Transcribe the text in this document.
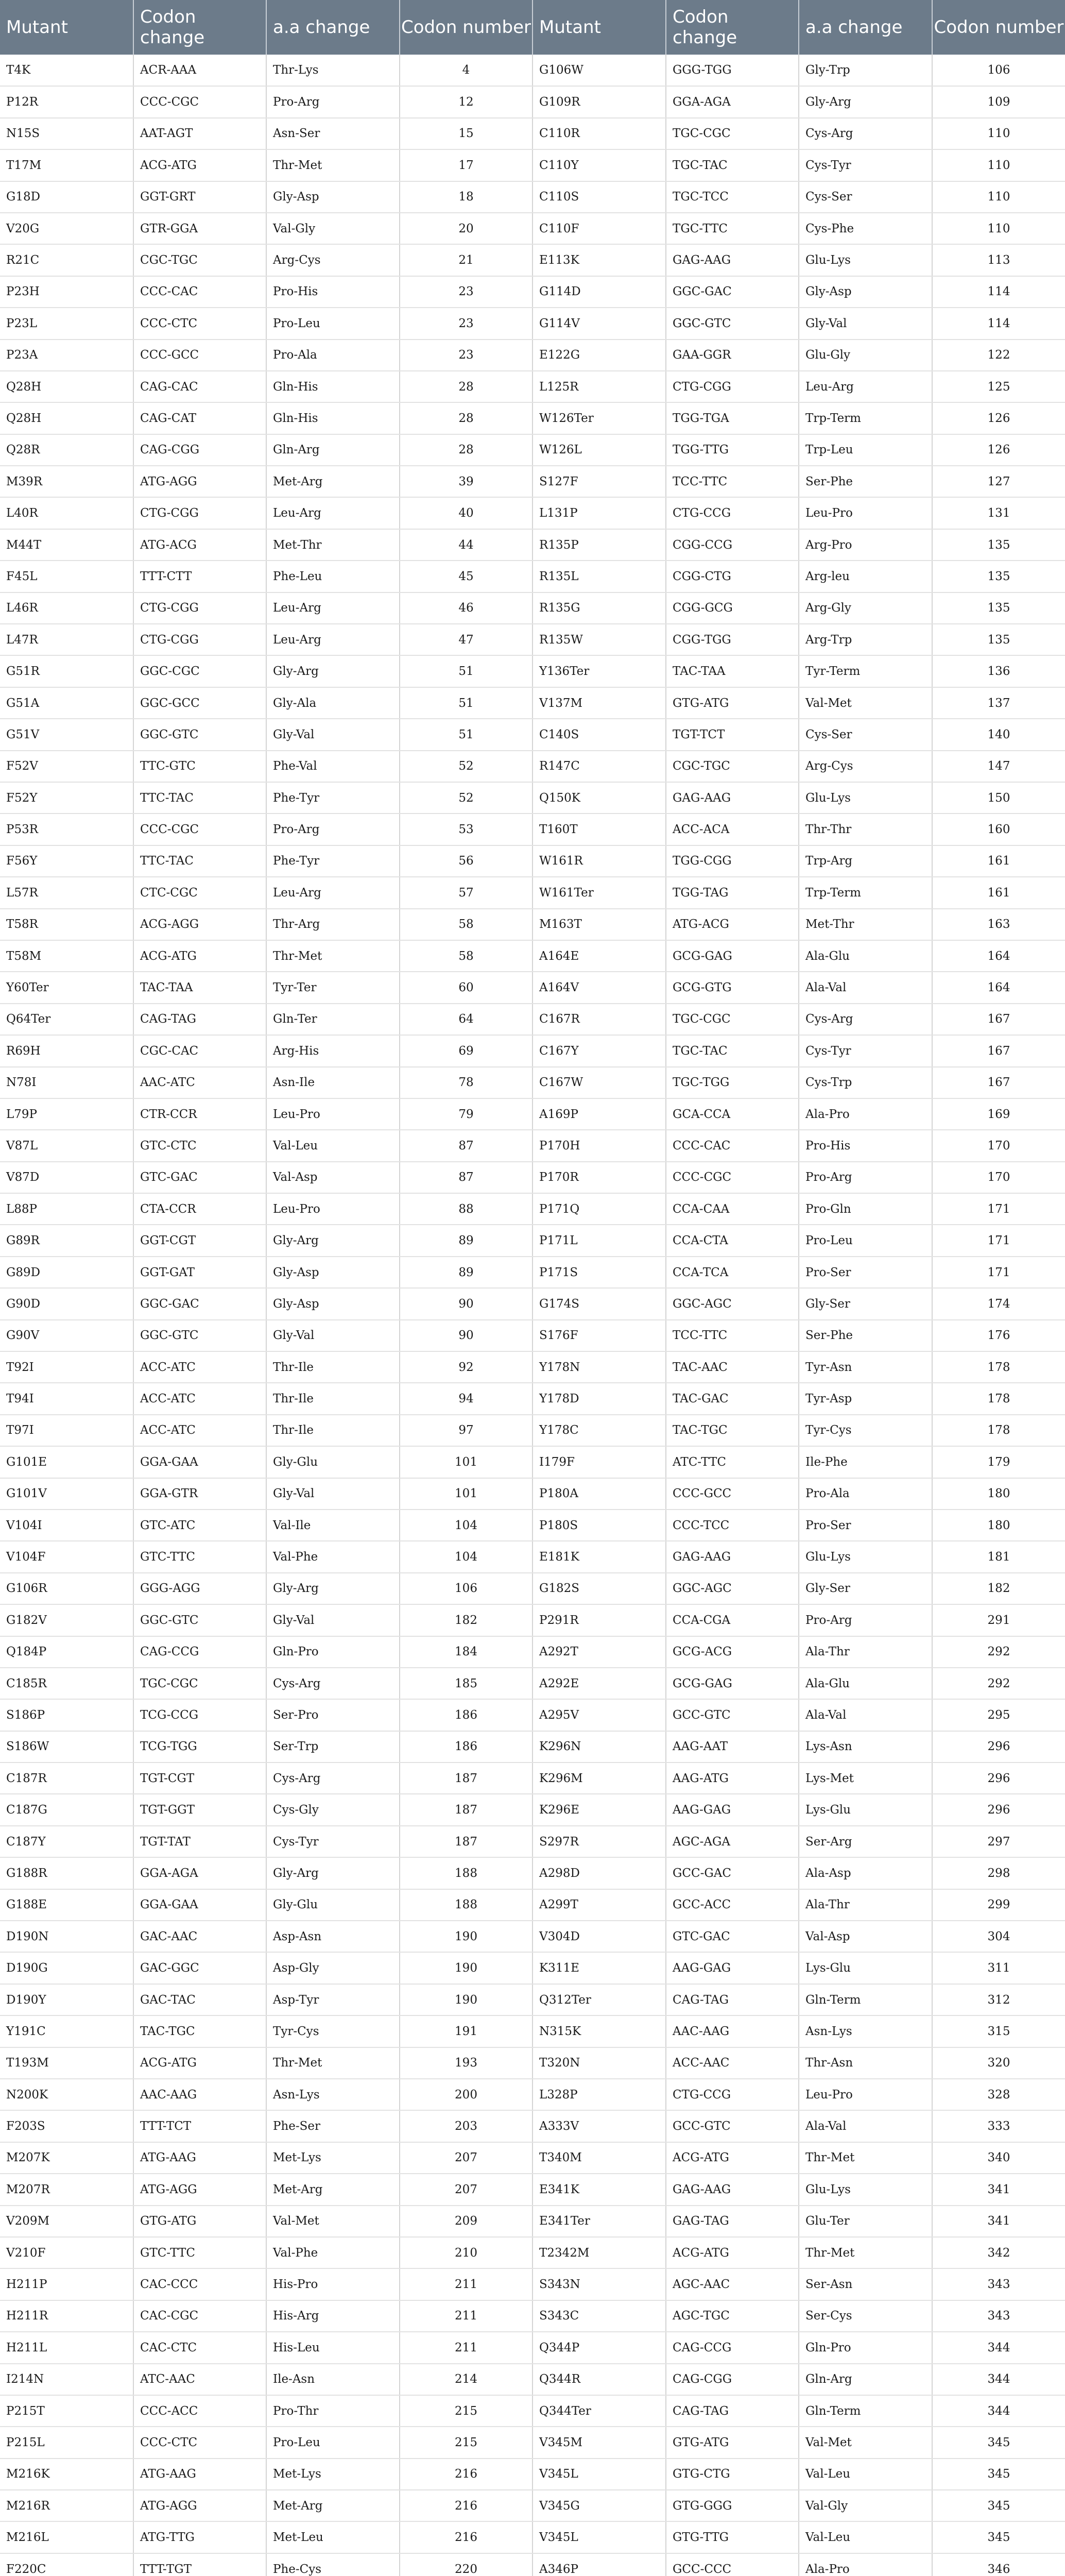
Mutant	Codon change	a.a change	Codon number	Mutant	Codon change	a.a change	Codon number
T4K	ACR-AAA	Thr-Lys	4	G106W	GGG-TGG	Gly-Trp	106
P12R	CCC-CGC	Pro-Arg	12	G109R	GGA-AGA	Gly-Arg	109
N15S	AAT-AGT	Asn-Ser	15	C110R	TGC-CGC	Cys-Arg	110
T17M	ACG-ATG	Thr-Met	17	C110Y	TGC-TAC	Cys-Tyr	110
G18D	GGT-GRT	Gly-Asp	18	C110S	TGC-TCC	Cys-Ser	110
V20G	GTR-GGA	Val-Gly	20	C110F	TGC-TTC	Cys-Phe	110
R21C	CGC-TGC	Arg-Cys	21	E113K	GAG-AAG	Glu-Lys	113
P23H	CCC-CAC	Pro-His	23	G114D	GGC-GAC	Gly-Asp	114
P23L	CCC-CTC	Pro-Leu	23	G114V	GGC-GTC	Gly-Val	114
P23A	CCC-GCC	Pro-Ala	23	E122G	GAA-GGR	Glu-Gly	122
Q28H	CAG-CAC	Gln-His	28	L125R	CTG-CGG	Leu-Arg	125
Q28H	CAG-CAT	Gln-His	28	W126Ter	TGG-TGA	Trp-Term	126
Q28R	CAG-CGG	Gln-Arg	28	W126L	TGG-TTG	Trp-Leu	126
M39R	ATG-AGG	Met-Arg	39	S127F	TCC-TTC	Ser-Phe	127
L40R	CTG-CGG	Leu-Arg	40	L131P	CTG-CCG	Leu-Pro	131
M44T	ATG-ACG	Met-Thr	44	R135P	CGG-CCG	Arg-Pro	135
F45L	TTT-CTT	Phe-Leu	45	R135L	CGG-CTG	Arg-leu	135
L46R	CTG-CGG	Leu-Arg	46	R135G	CGG-GCG	Arg-Gly	135
L47R	CTG-CGG	Leu-Arg	47	R135W	CGG-TGG	Arg-Trp	135
G51R	GGC-CGC	Gly-Arg	51	Y136Ter	TAC-TAA	Tyr-Term	136
G51A	GGC-GCC	Gly-Ala	51	V137M	GTG-ATG	Val-Met	137
G51V	GGC-GTC	Gly-Val	51	C140S	TGT-TCT	Cys-Ser	140
F52V	TTC-GTC	Phe-Val	52	R147C	CGC-TGC	Arg-Cys	147
F52Y	TTC-TAC	Phe-Tyr	52	Q150K	GAG-AAG	Glu-Lys	150
P53R	CCC-CGC	Pro-Arg	53	T160T	ACC-ACA	Thr-Thr	160
F56Y	TTC-TAC	Phe-Tyr	56	W161R	TGG-CGG	Trp-Arg	161
L57R	CTC-CGC	Leu-Arg	57	W161Ter	TGG-TAG	Trp-Term	161
T58R	ACG-AGG	Thr-Arg	58	M163T	ATG-ACG	Met-Thr	163
T58M	ACG-ATG	Thr-Met	58	A164E	GCG-GAG	Ala-Glu	164
Y60Ter	TAC-TAA	Tyr-Ter	60	A164V	GCG-GTG	Ala-Val	164
Q64Ter	CAG-TAG	Gln-Ter	64	C167R	TGC-CGC	Cys-Arg	167
R69H	CGC-CAC	Arg-His	69	C167Y	TGC-TAC	Cys-Tyr	167
N78I	AAC-ATC	Asn-Ile	78	C167W	TGC-TGG	Cys-Trp	167
L79P	CTR-CCR	Leu-Pro	79	A169P	GCA-CCA	Ala-Pro	169
V87L	GTC-CTC	Val-Leu	87	P170H	CCC-CAC	Pro-His	170
V87D	GTC-GAC	Val-Asp	87	P170R	CCC-CGC	Pro-Arg	170
L88P	CTA-CCR	Leu-Pro	88	P171Q	CCA-CAA	Pro-Gln	171
G89R	GGT-CGT	Gly-Arg	89	P171L	CCA-CTA	Pro-Leu	171
G89D	GGT-GAT	Gly-Asp	89	P171S	CCA-TCA	Pro-Ser	171
G90D	GGC-GAC	Gly-Asp	90	G174S	GGC-AGC	Gly-Ser	174
G90V	GGC-GTC	Gly-Val	90	S176F	TCC-TTC	Ser-Phe	176
T92I	ACC-ATC	Thr-Ile	92	Y178N	TAC-AAC	Tyr-Asn	178
T94I	ACC-ATC	Thr-Ile	94	Y178D	TAC-GAC	Tyr-Asp	178
T97I	ACC-ATC	Thr-Ile	97	Y178C	TAC-TGC	Tyr-Cys	178
G101E	GGA-GAA	Gly-Glu	101	I179F	ATC-TTC	Ile-Phe	179
G101V	GGA-GTR	Gly-Val	101	P180A	CCC-GCC	Pro-Ala	180
V104I	GTC-ATC	Val-Ile	104	P180S	CCC-TCC	Pro-Ser	180
V104F	GTC-TTC	Val-Phe	104	E181K	GAG-AAG	Glu-Lys	181
G106R	GGG-AGG	Gly-Arg	106	G182S	GGC-AGC	Gly-Ser	182
G182V	GGC-GTC	Gly-Val	182	P291R	CCA-CGA	Pro-Arg	291
Q184P	CAG-CCG	Gln-Pro	184	A292T	GCG-ACG	Ala-Thr	292
C185R	TGC-CGC	Cys-Arg	185	A292E	GCG-GAG	Ala-Glu	292
S186P	TCG-CCG	Ser-Pro	186	A295V	GCC-GTC	Ala-Val	295
S186W	TCG-TGG	Ser-Trp	186	K296N	AAG-AAT	Lys-Asn	296
C187R	TGT-CGT	Cys-Arg	187	K296M	AAG-ATG	Lys-Met	296
C187G	TGT-GGT	Cys-Gly	187	K296E	AAG-GAG	Lys-Glu	296
C187Y	TGT-TAT	Cys-Tyr	187	S297R	AGC-AGA	Ser-Arg	297
G188R	GGA-AGA	Gly-Arg	188	A298D	GCC-GAC	Ala-Asp	298
G188E	GGA-GAA	Gly-Glu	188	A299T	GCC-ACC	Ala-Thr	299
D190N	GAC-AAC	Asp-Asn	190	V304D	GTC-GAC	Val-Asp	304
D190G	GAC-GGC	Asp-Gly	190	K311E	AAG-GAG	Lys-Glu	311
D190Y	GAC-TAC	Asp-Tyr	190	Q312Ter	CAG-TAG	Gln-Term	312
Y191C	TAC-TGC	Tyr-Cys	191	N315K	AAC-AAG	Asn-Lys	315
T193M	ACG-ATG	Thr-Met	193	T320N	ACC-AAC	Thr-Asn	320
N200K	AAC-AAG	Asn-Lys	200	L328P	CTG-CCG	Leu-Pro	328
F203S	TTT-TCT	Phe-Ser	203	A333V	GCC-GTC	Ala-Val	333
M207K	ATG-AAG	Met-Lys	207	T340M	ACG-ATG	Thr-Met	340
M207R	ATG-AGG	Met-Arg	207	E341K	GAG-AAG	Glu-Lys	341
V209M	GTG-ATG	Val-Met	209	E341Ter	GAG-TAG	Glu-Ter	341
V210F	GTC-TTC	Val-Phe	210	T2342M	ACG-ATG	Thr-Met	342
H211P	CAC-CCC	His-Pro	211	S343N	AGC-AAC	Ser-Asn	343
H211R	CAC-CGC	His-Arg	211	S343C	AGC-TGC	Ser-Cys	343
H211L	CAC-CTC	His-Leu	211	Q344P	CAG-CCG	Gln-Pro	344
I214N	ATC-AAC	Ile-Asn	214	Q344R	CAG-CGG	Gln-Arg	344
P215T	CCC-ACC	Pro-Thr	215	Q344Ter	CAG-TAG	Gln-Term	344
P215L	CCC-CTC	Pro-Leu	215	V345M	GTG-ATG	Val-Met	345
M216K	ATG-AAG	Met-Lys	216	V345L	GTG-CTG	Val-Leu	345
M216R	ATG-AGG	Met-Arg	216	V345G	GTG-GGG	Val-Gly	345
M216L	ATG-TTG	Met-Leu	216	V345L	GTG-TTG	Val-Leu	345
F220C	TTT-TGT	Phe-Cys	220	A346P	GCC-CCC	Ala-Pro	346
